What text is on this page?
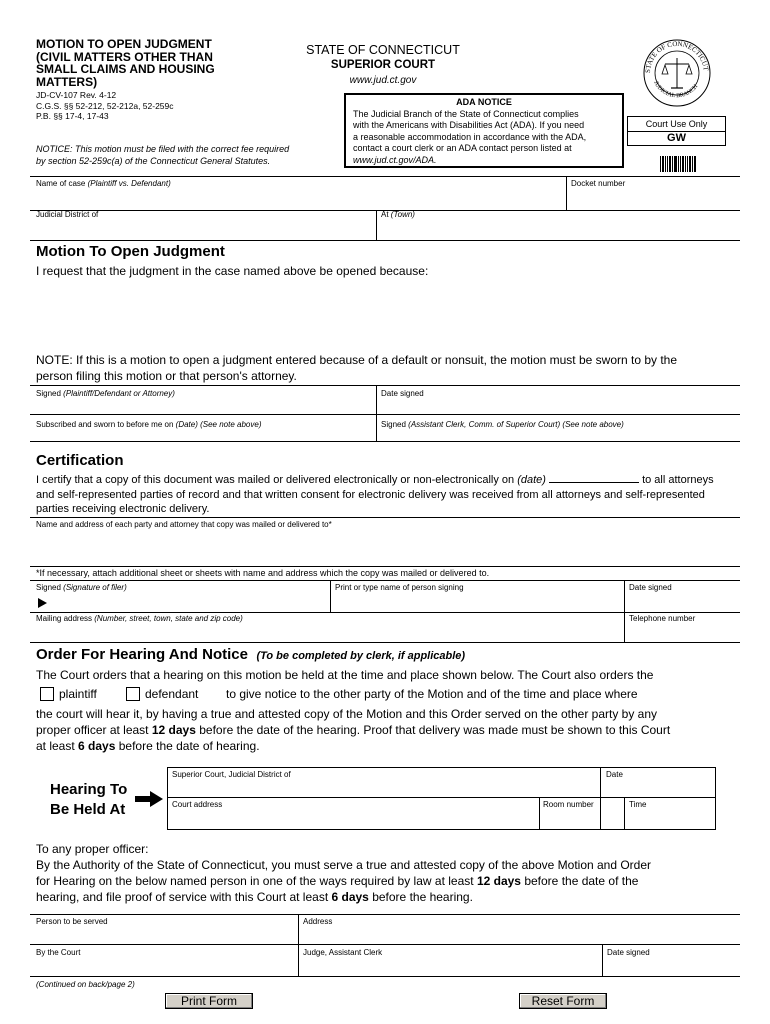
MOTION TO OPEN JUDGMENT
(CIVIL MATTERS OTHER THAN
SMALL CLAIMS AND HOUSING
MATTERS)
JD-CV-107 Rev. 4-12
C.G.S. §§ 52-212, 52-212a, 52-259c
P.B. §§ 17-4, 17-43
NOTICE: This motion must be filed with the correct fee required
by section 52-259c(a) of the Connecticut General Statutes.
STATE OF CONNECTICUT
SUPERIOR COURT
www.jud.ct.gov
ADA NOTICE
The Judicial Branch of the State of Connecticut complies
with the Americans with Disabilities Act (ADA). If you need
a reasonable accommodation in accordance with the ADA,
contact a court clerk or an ADA contact person listed at
www.jud.ct.gov/ADA.
STATE OF CONNECTICUT
JUDICIAL BRANCH
Court Use Only
GW
Name of case (Plaintiff vs. Defendant)	Docket number
Judicial District of	At (Town)
Motion To Open Judgment
I request that the judgment in the case named above be opened because:
NOTE: If this is a motion to open a judgment entered because of a default or nonsuit, the motion must be sworn to by the
person filing this motion or that person's attorney.
Signed (Plaintiff/Defendant or Attorney)	Date signed
Subscribed and sworn to before me on (Date) (See note above)	Signed (Assistant Clerk, Comm. of Superior Court) (See note above)
Certification
I certify that a copy of this document was mailed or delivered electronically or non-electronically on (date)	to all attorneys
and self-represented parties of record and that written consent for electronic delivery was received from all attorneys and self-represented
parties receiving electronic delivery.
Name and address of each party and attorney that copy was mailed or delivered to*
*If necessary, attach additional sheet or sheets with name and address which the copy was mailed or delivered to.
Signed (Signature of filer)	Print or type name of person signing	Date signed
Mailing address (Number, street, town, state and zip code)	Telephone number
Order For Hearing And Notice (To be completed by clerk, if applicable)
The Court orders that a hearing on this motion be held at the time and place shown below. The Court also orders the
plaintiff	defendant to give notice to the other party of the Motion and of the time and place where
the court will hear it, by having a true and attested copy of the Motion and this Order served on the other party by any
proper officer at least 12 days before the date of the hearing. Proof that delivery was made must be shown to this Court
at least 6 days before the date of hearing.
Hearing To
Be Held At
Superior Court, Judicial District of	Date
Court address	Room number	Time
To any proper officer:
By the Authority of the State of Connecticut, you must serve a true and attested copy of the above Motion and Order
for Hearing on the below named person in one of the ways required by law at least 12 days before the date of the
hearing, and file proof of service with this Court at least 6 days before the hearing.
Person to be served	Address
By the Court	Judge, Assistant Clerk	Date signed
(Continued on back/page 2)
Print Form	Reset Form
